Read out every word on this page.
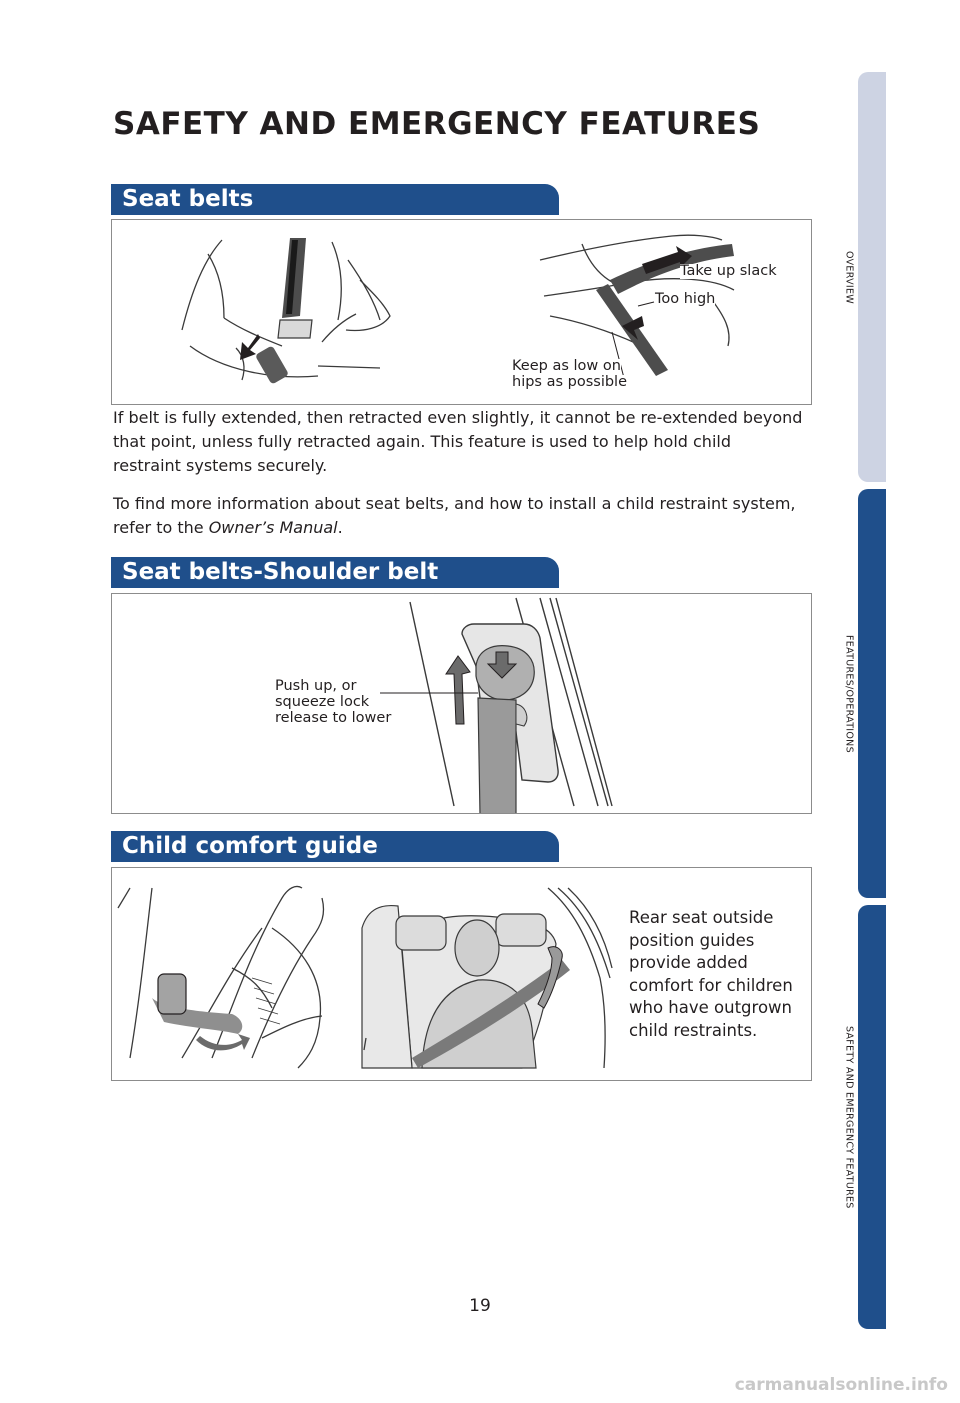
OVERVIEW
FEATURES/OPERATIONS
SAFETY AND EMERGENCY FEATURES
SAFETY AND EMERGENCY FEATURES
Seat belts
Take up slack
Too high
Keep as low on
hips as possible

If belt is fully extended, then retracted even slightly, it cannot be re-extended beyond that point, unless fully retracted again. This feature is used to help hold child restraint systems securely.

To find more information about seat belts, and how to install a child restraint system, refer to the Owner’s Manual.

Seat belts-Shoulder belt
Push up, or
squeeze lock
release to lower
Child comfort guide
Rear seat outside position guides provide added comfort for children who have outgrown child restraints.
19
carmanualsonline.info
